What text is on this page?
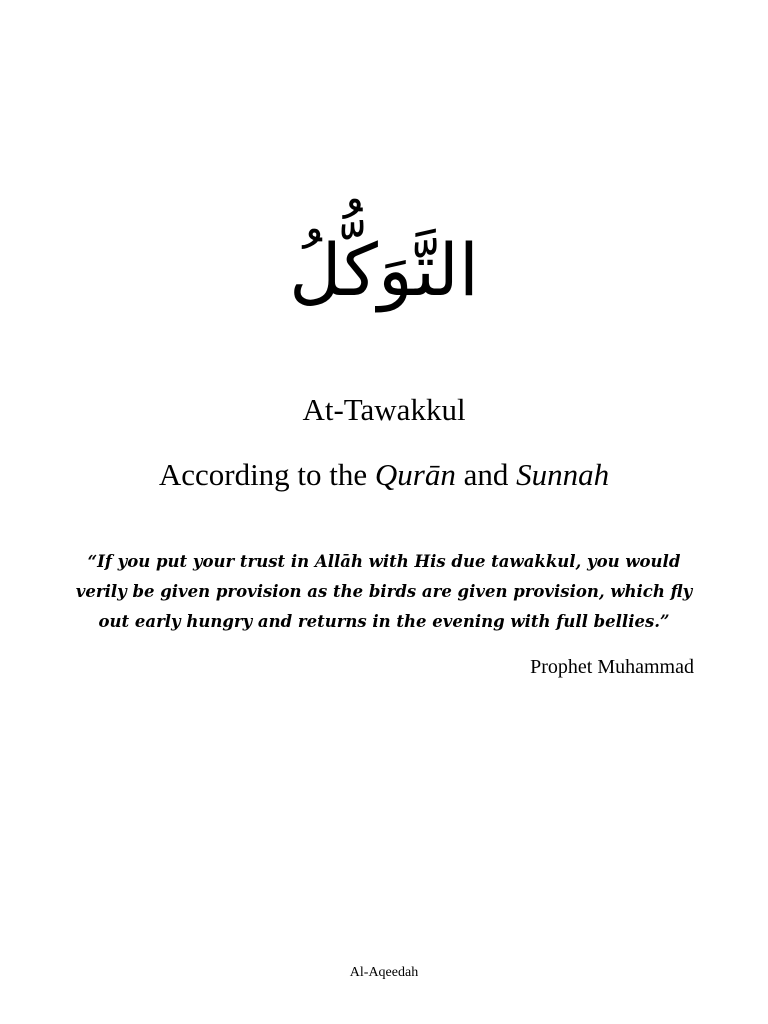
التَّوَكُّلُ
At-Tawakkul
According to the Qurān and Sunnah
“If you put your trust in Allāh with His due tawakkul, you would
verily be given provision as the birds are given provision, which fly
out early hungry and returns in the evening with full bellies.”
Prophet Muhammad
Al-Aqeedah
